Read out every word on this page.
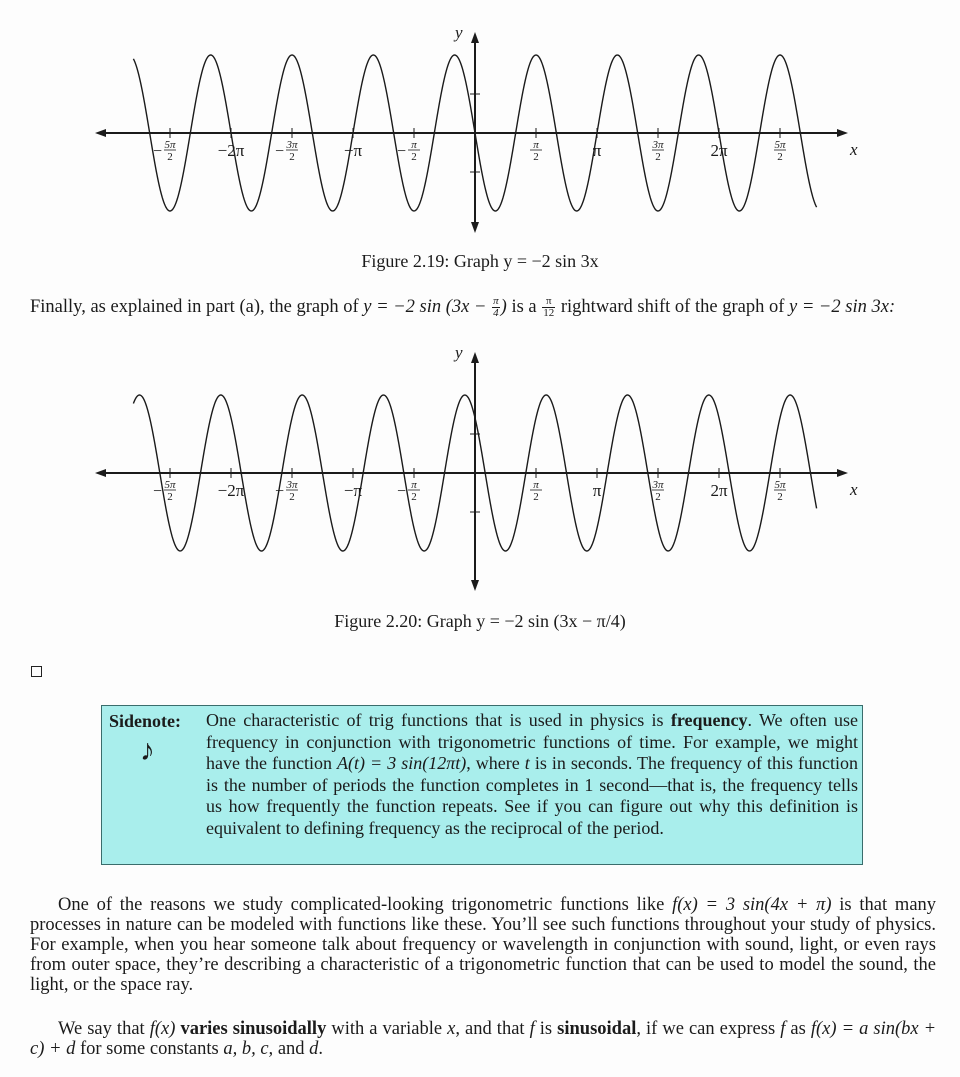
x
y
5π
2
−	−2π	3π
2
−	−π	π
2
−	π
2	π	3π
2	2π	5π
2
Figure 2.19: Graph y = −2 sin 3x
Finally, as explained in part (a), the graph of y = −2 $\sin (3x - \frac{\pi}{4}$ ) is a $\frac{\pi}{12}$ rightward shift of the graph of y = −2 sin 3x:
x
y
5π
2
−	−2π	3π
2
−	−π	π
2
−	π
2	π	3π
2	2π	5π
2
Figure 2.20: Graph y = −2 sin (3x − π/4)
Sidenote:
♪
One characteristic of trig functions that is used in physics is frequency. We often use frequency in conjunction with trigonometric functions of time. For example, we might have the function A(t) = 3 sin(12πt), where t is in seconds. The frequency of this function is the number of periods the function completes in 1 second—that is, the frequency tells us how frequently the function repeats. See if you can figure out why this definition is equivalent to defining frequency as the reciprocal of the period.
One of the reasons we study complicated-looking trigonometric functions like f(x) = 3 sin(4x + π) is that many processes in nature can be modeled with functions like these. You’ll see such functions throughout your study of physics. For example, when you hear someone talk about frequency or wavelength in conjunction with sound, light, or even rays from outer space, they’re describing a characteristic of a trigonometric function that can be used to model the sound, the light, or the space ray.
We say that f(x) varies sinusoidally with a variable x, and that f is sinusoidal, if we can express f as f(x) = a sin(bx + c) + d for some constants a, b, c, and d.
